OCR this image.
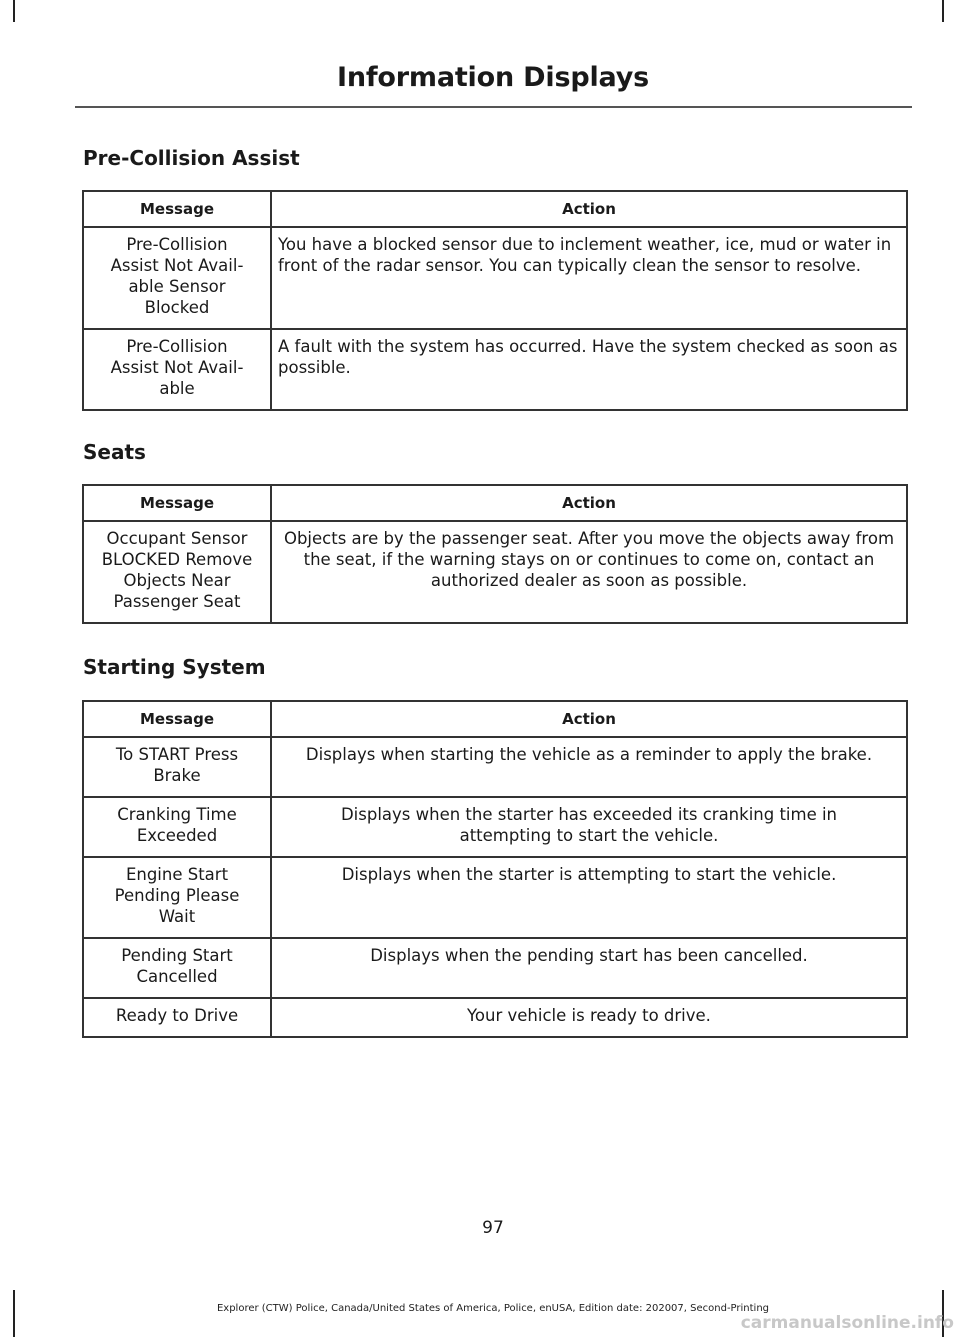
Information Displays
Pre-Collision Assist
Message	Action
Pre-Collision Assist Not Avail- able Sensor Blocked	You have a blocked sensor due to inclement weather, ice, mud or water in front of the radar sensor. You can typically clean the sensor to resolve.
Pre-Collision Assist Not Avail- able	A fault with the system has occurred. Have the system checked as soon as possible.
Seats
Message	Action
Occupant Sensor BLOCKED Remove Objects Near Passenger Seat	Objects are by the passenger seat. After you move the objects away from the seat, if the warning stays on or continues to come on, contact an authorized dealer as soon as possible.
Starting System
Message	Action
To START Press Brake	Displays when starting the vehicle as a reminder to apply the brake.
Cranking Time Exceeded	Displays when the starter has exceeded its cranking time in attempting to start the vehicle.
Engine Start Pending Please Wait	Displays when the starter is attempting to start the vehicle.
Pending Start Cancelled	Displays when the pending start has been cancelled.
Ready to Drive	Your vehicle is ready to drive.
97
Explorer (CTW) Police, Canada/United States of America, Police, enUSA, Edition date: 202007, Second-Printing
carmanualsonline.info
